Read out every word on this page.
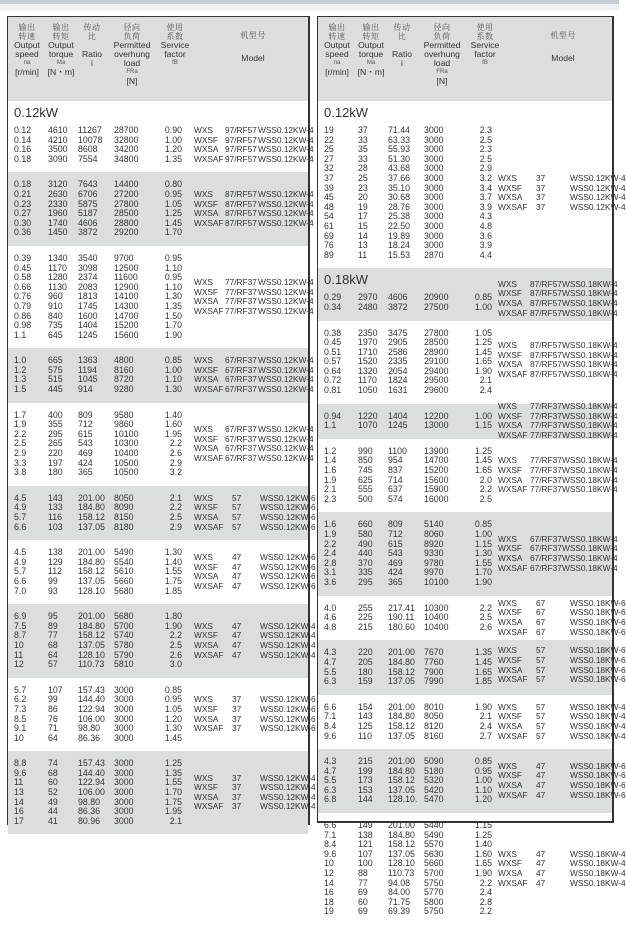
输出
转速
Output
speed
na
[r/min]
输出
转矩
Output
torque
Ma
[N・m]
传动
比
Ratio
i
径向
负荷
Permitted
overhung
load
FRa
[N]
使用
系数
Service
factor
fB
机型号
Model
0.12kW
0.12 4610 11267 28700	0.90
0.14 4210 10078 32800	1.00
0.16 3500 8608 34200	1.20
0.18 3090 7554 34800	1.35
WXS 97/RF57 WSS0.12KW-4
WXSF 97/RF57 WSS0.12KW-4
WXSA 97/RF57 WSS0.12KW-4
WXSAF 97/RF57 WSS0.12KW-4
0.18 3120 7643 14400	0.80
0.21 2630 6706 27200	0.95
0.23 2330 5875 27800	1.05
0.27 1960 5187 28500	1.25
0.30 1740 4606 28800	1.45
0.36 1450 3872 29200	1.70
WXS 87/RF57 WSS0.12KW-4
WXSF 87/RF57 WSS0.12KW-4
WXSA 87/RF57 WSS0.12KW-4
WXSAF 87/RF57 WSS0.12KW-4
0.39 1340 3540 9700	0.95
0.45 1170 3098 12500	1.10
0.58 1280 2374 11600	0.95
0.66 1130 2083 12900	1.10
0.76 960 1813 14100	1.30
0.79 910 1745 14300	1.35
0.86 840 1600 14700	1.50
0.98 735 1404 15200	1.70
1.1 645 1245 15600	1.90
WXS 77/RF37 WSS0.12KW-4
WXSF 77/RF37 WSS0.12KW-4
WXSA 77/RF37 WSS0.12KW-4
WXSAF 77/RF37 WSS0.12KW-4
1.0 665 1363 4800	0.85
1.2 575 1194 8160	1.00
1.3 515 1045 8720	1.10
1.5 445 914 9280	1.30
WXS 67/RF37 WSS0.12KW-4
WXSF 67/RF37 WSS0.12KW-4
WXSA 67/RF37 WSS0.12KW-4
WXSAF 67/RF37 WSS0.12KW-4
1.7 400 809 9580	1.40
1.9 355 712 9860	1.60
2.2 295 615 10100	1.95
2.5 265 543 10300	2.2
2.9 220 469 10400	2.6
3.3 197 424 10500	2.9
3.8 180 365 10500	3.2
WXS 67/RF37 WSS0.12KW-4
WXSF 67/RF37 WSS0.12KW-4
WXSA 67/RF37 WSS0.12KW-4
WXSAF 67/RF37 WSS0.12KW-4
4.5 143 201.00 8050	2.1
4.9 133 184.80 8090	2.2
5.7 116 158.12 8150	2.5
6.6 103 137.05 8180	2.9
WXS 57 WSS0.12KW-6
WXSF 57 WSS0.12KW-6
WXSA 57 WSS0.12KW-6
WXSAF 57 WSS0.12KW-6
4.5 138 201.00 5490	1.30
4.9 129 184.80 5540	1.40
5.7 112 158.12 5610	1.55
6.6 99 137.05 5660	1.75
7.0 93 128.10 5680	1.85
WXS 47 WSS0.12KW-6
WXSF 47 WSS0.12KW-6
WXSA 47 WSS0.12KW-6
WXSAF 47 WSS0.12KW-6
6.9 95 201.00 5680	1.80
7.5 89 184.80 5700	1.90
8.7 77 158.12 5740	2.2
10	68 137.05 5780	2.5
11	64 128.10 5790	2.6
12	57 110.73 5810	3.0
WXS 47 WSS0.12KW-4
WXSF 47 WSS0.12KW-4
WXSA 47 WSS0.12KW-4
WXSAF 47 WSS0.12KW-4
5.7 107 157.43 3000	0.85
6.2 99 144.40 3000	0.95
7.3 86 122.94 3000	1.05
8.5 76 106.00 3000	1.20
9.1 71 98.80 3000	1.30
10	64 86.36 3000	1.45
WXS 37 WSS0.12KW-6
WXSF 37 WSS0.12KW-6
WXSA 37 WSS0.12KW-6
WXSAF 37 WSS0.12KW-6
8.8 74 157.43 3000	1.25
9.6 68 144.40 3000	1.35
11	60 122.94 3000	1.55
13	52 106.00 3000	1.70
14	49 98.80 3000	1.75
16	44 86.36 3000	1.95
17	41 80.96 3000	2.1
WXS 37 WSS0.12KW-4
WXSF 37 WSS0.12KW-4
WXSA 37 WSS0.12KW-4
WXSAF 37 WSS0.12KW-4
输出
转速
Output
speed
na
[r/min]
输出
转矩
Output
torque
Ma
[N・m]
传动
比
Ratio
i
径向
负荷
Permitted
overhung
load
FRa
[N]
使用
系数
Service
factor
fB
机型号
Model
0.12kW
19	37 71.44 3000	2.3
22	33 63.33 3000	2.5
25	35 55.93 3000	2.3
27	33 51.30 3000	2.5
32	28 43.68 3000	2.9
37	25 37.66 3000	3.2
39	23 35.10 3000	3.4
45	20 30.68 3000	3.7
48	19 28.76 3000	3.9
54	17 25.38 3000	4.3
61	15 22.50 3000	4.8
69	14 19.89 3000	3.6
76	13 18.24 3000	3.9
89	11 15.53 2870	4.4
WXS 37	WSS0.12KW-4
WXSF 37	WSS0.12KW-4
WXSA 37	WSS0.12KW-4
WXSAF 37	WSS0.12KW-4
0.18kW
0.29 2970 4606 20900	0.85
0.34 2480 3872 27500	1.00
WXS 87/RF57 WSS0.18KW-4
WXSF 87/RF57 WSS0.18KW-4
WXSA 87/RF57 WSS0.18KW-4
WXSAF 87/RF57 WSS0.18KW-4
0.38 2350 3475 27800	1.05
0.45 1970 2905 28500	1.25
0.51 1710 2586 28900	1.45
0.57 1520 2335 29100	1.65
0.64 1320 2054 29400	1.90
0.72 1170 1824 29500	2.1
0.81 1050 1631 29600	2.4
WXS 87/RF57 WSS0.18KW-4
WXSF 87/RF57 WSS0.18KW-4
WXSA 87/RF57 WSS0.18KW-4
WXSAF 87/RF57 WSS0.18KW-4
0.94 1220 1404 12200	1.00
1.1 1070 1245 13000	1.15
WXS 77/RF37 WSS0.18KW-4
WXSF 77/RF37 WSS0.18KW-4
WXSA 77/RF37 WSS0.18KW-4
WXSAF 77/RF37 WSS0.18KW-4
1.2 990 1100 13900	1.25
1.4 850 954 14700	1.45
1.6 745 837 15200	1.65
1.9 625 714 15600	2.0
2.1 555 637 15900	2.2
2.3 500 574 16000	2.5
WXS 77/RF37 WSS0.18KW-4
WXSF 77/RF37 WSS0.18KW-4
WXSA 77/RF37 WSS0.18KW-4
WXSAF 77/RF37 WSS0.18KW-4
1.6 660 809 5140	0.85
1.9 580 712 8060	1.00
2.2 490 615 8920	1.15
2.4 440 543 9330	1.30
2.8 370 469 9780	1.55
3.1 335 424 9970	1.70
3.6 295 365 10100	1.90
WXS 67/RF37 WSS0.18KW-4
WXSF 67/RF37 WSS0.18KW-4
WXSA 67/RF37 WSS0.18KW-4
WXSAF 67/RF37 WSS0.18KW-4
4.0 255 217.41 10300	2.2
4.6 225 190.11 10400	2.5
4.8 215 180.60 10400	2.6
WXS 67	WSS0.18KW-6
WXSF 67	WSS0.18KW-6
WXSA 67	WSS0.18KW-6
WXSAF 67	WSS0.18KW-6
4.3 220 201.00 7670	1.35
4.7 205 184.80 7760	1.45
5.5 180 158.12 7900	1.65
6.3 159 137.05 7990	1.85
WXS 57	WSS0.18KW-6
WXSF 57	WSS0.18KW-6
WXSA 57	WSS0.18KW-6
WXSAF 57	WSS0.18KW-6
6.6 154 201.00 8010	1.90
7.1 143 184.80 8050	2.1
8.4 125 158.12 8120	2.4
9.6 110 137.05 8160	2.7
WXS 57	WSS0.18KW-4
WXSF 57	WSS0.18KW-4
WXSA 57	WSS0.18KW-4
WXSAF 57	WSS0.18KW-4
4.3 215 201.00 5090	0.85
4.7 199 184.80 5180	0.95
5.5 173 158.12 5320	1.00
6.3 153 137.05 5420	1.10
6.8 144 128.10. 5470	1.20
WXS 47	WSS0.18KW-6
WXSF 47	WSS0.18KW-6
WXSA 47	WSS0.18KW-6
WXSAF 47	WSS0.18KW-6
6.6 149 201.00 5440	1.15
7.1 138 184.80 5490	1.25
8.4 121 158.12 5570	1.40
9.6 107 137.05 5630	1.60
10	100 128.10 5660	1.65
12	88 110.73 5700	1.90
14	77 94.08 5750	2.2
16	69 84.00 5770	2.4
18	60 71.75 5800	2.8
19	69 69.39 5750	2.2
WXS 47	WSS0.18KW-4
WXSF 47	WSS0.18KW-4
WXSA 47	WSS0.18KW-4
WXSAF 47	WSS0.18KW-4
